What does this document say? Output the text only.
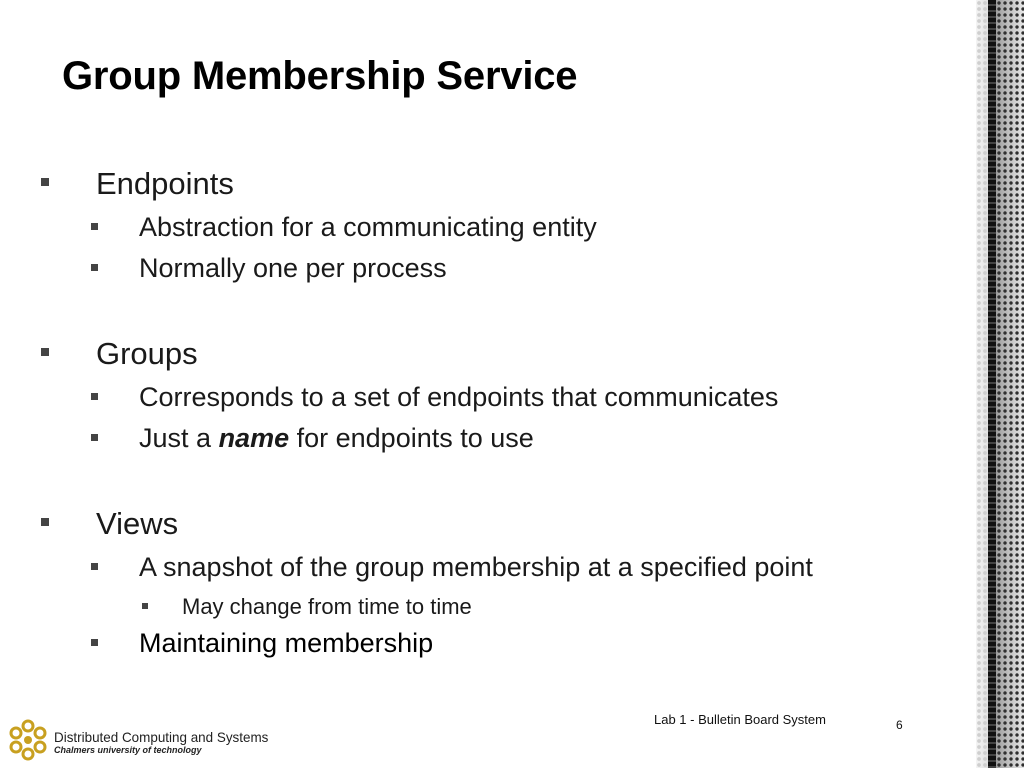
Group Membership Service
Endpoints
Abstraction for a communicating entity
Normally one per process
Groups
Corresponds to a set of endpoints that communicates
Just a name for endpoints to use
Views
A snapshot of the group membership at a specified point
May change from time to time
Maintaining membership
Distributed Computing and Systems
Chalmers university of technology
Lab 1 - Bulletin Board System	6
